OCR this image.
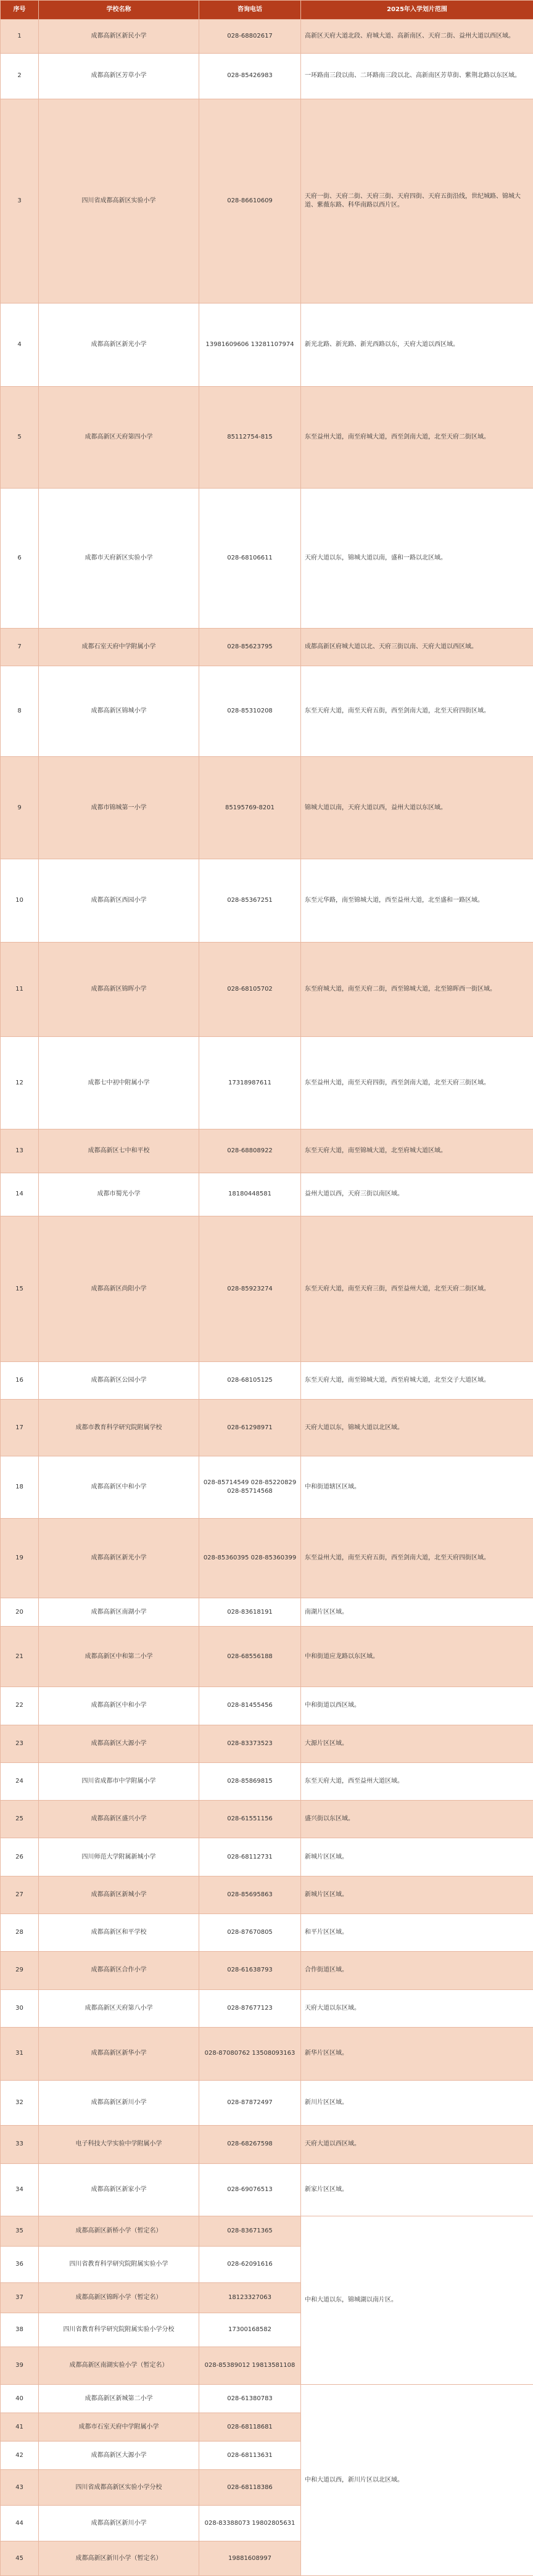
序号	学校名称	咨询电话	2025年入学划片范围
1	成都高新区新民小学	028-68802617	高新区天府大道北段、府城大道、高新南区、天府二街、益州大道以西区域。
2	成都高新区芳草小学	028-85426983	一环路南三段以南、二环路南三段以北、高新南区芳草街、紫荆北路以东区域。
3	四川省成都高新区实验小学	028-86610609	天府一街、天府二街、天府三街、天府四街、天府五街沿线，世纪城路、锦城大道、紫薇东路、科华南路以西片区。
4	成都高新区新光小学	13981609606 13281107974	新光北路、新光路、新光西路以东，天府大道以西区域。
5	成都高新区天府第四小学	85112754-815	东至益州大道，南至府城大道，西至剑南大道，北至天府二街区域。
6	成都市天府新区实验小学	028-68106611	天府大道以东，锦城大道以南，盛和一路以北区域。
7	成都石室天府中学附属小学	028-85623795	成都高新区府城大道以北、天府三街以南、天府大道以西区域。
8	成都高新区锦城小学	028-85310208	东至天府大道，南至天府五街，西至剑南大道，北至天府四街区域。
9	成都市锦城第一小学	85195769-8201	锦城大道以南，天府大道以西，益州大道以东区域。
10	成都高新区西园小学	028-85367251	东至元华路，南至锦城大道，西至益州大道，北至盛和一路区域。
11	成都高新区锦晖小学	028-68105702	东至府城大道，南至天府二街，西至锦城大道，北至锦晖西一街区域。
12	成都七中初中附属小学	17318987611	东至益州大道，南至天府四街，西至剑南大道，北至天府三街区域。
13	成都高新区七中和平校	028-68808922	东至天府大道，南至锦城大道，北至府城大道区域。
14	成都市蜀光小学	18180448581	益州大道以西，天府三街以南区域。
15	成都高新区尚阳小学	028-85923274	东至天府大道，南至天府三街，西至益州大道，北至天府二街区域。
16	成都高新区公园小学	028-68105125	东至天府大道，南至锦城大道，西至府城大道，北至交子大道区域。
17	成都市教育科学研究院附属学校	028-61298971	天府大道以东，锦城大道以北区域。
18	成都高新区中和小学	028-85714549 028-85220829 028-85714568	中和街道辖区区域。
19	成都高新区新光小学	028-85360395 028-85360399	东至益州大道，南至天府五街，西至剑南大道，北至天府四街区域。
20	成都高新区南湖小学	028-83618191	南湖片区区域。
21	成都高新区中和第二小学	028-68556188	中和街道应龙路以东区域。
22	成都高新区中和小学	028-81455456	中和街道以西区域。
23	成都高新区大源小学	028-83373523	大源片区区域。
24	四川省成都市中学附属小学	028-85869815	东至天府大道，西至益州大道区域。
25	成都高新区盛兴小学	028-61551156	盛兴街以东区域。
26	四川师范大学附属新城小学	028-68112731	新城片区区域。
27	成都高新区新城小学	028-85695863	新城片区区域。
28	成都高新区和平学校	028-87670805	和平片区区域。
29	成都高新区合作小学	028-61638793	合作街道区域。
30	成都高新区天府第八小学	028-87677123	天府大道以东区域。
31	成都高新区新华小学	028-87080762 13508093163	新华片区区域。
32	成都高新区新川小学	028-87872497	新川片区区域。
33	电子科技大学实验中学附属小学	028-68267598	天府大道以西区域。
34	成都高新区新家小学	028-69076513	新家片区区域。
35	成都高新区新桥小学（暂定名）	028-83671365	中和大道以东，锦城湖以南片区。
36	四川省教育科学研究院附属实验小学	028-62091616	
37	成都高新区锦晖小学（暂定名）	18123327063	
38	四川省教育科学研究院附属实验小学分校	17300168582	
39	成都高新区南湖实验小学（暂定名）	028-85389012 19813581108	
40	成都高新区新城第二小学	028-61380783	中和大道以西，新川片区以北区域。
41	成都市石室天府中学附属小学	028-68118681	
42	成都高新区大源小学	028-68113631	
43	四川省成都高新区实验小学分校	028-68118386	
44	成都高新区新川小学	028-83388073 19802805631	
45	成都高新区新川小学（暂定名）	19881608997	
